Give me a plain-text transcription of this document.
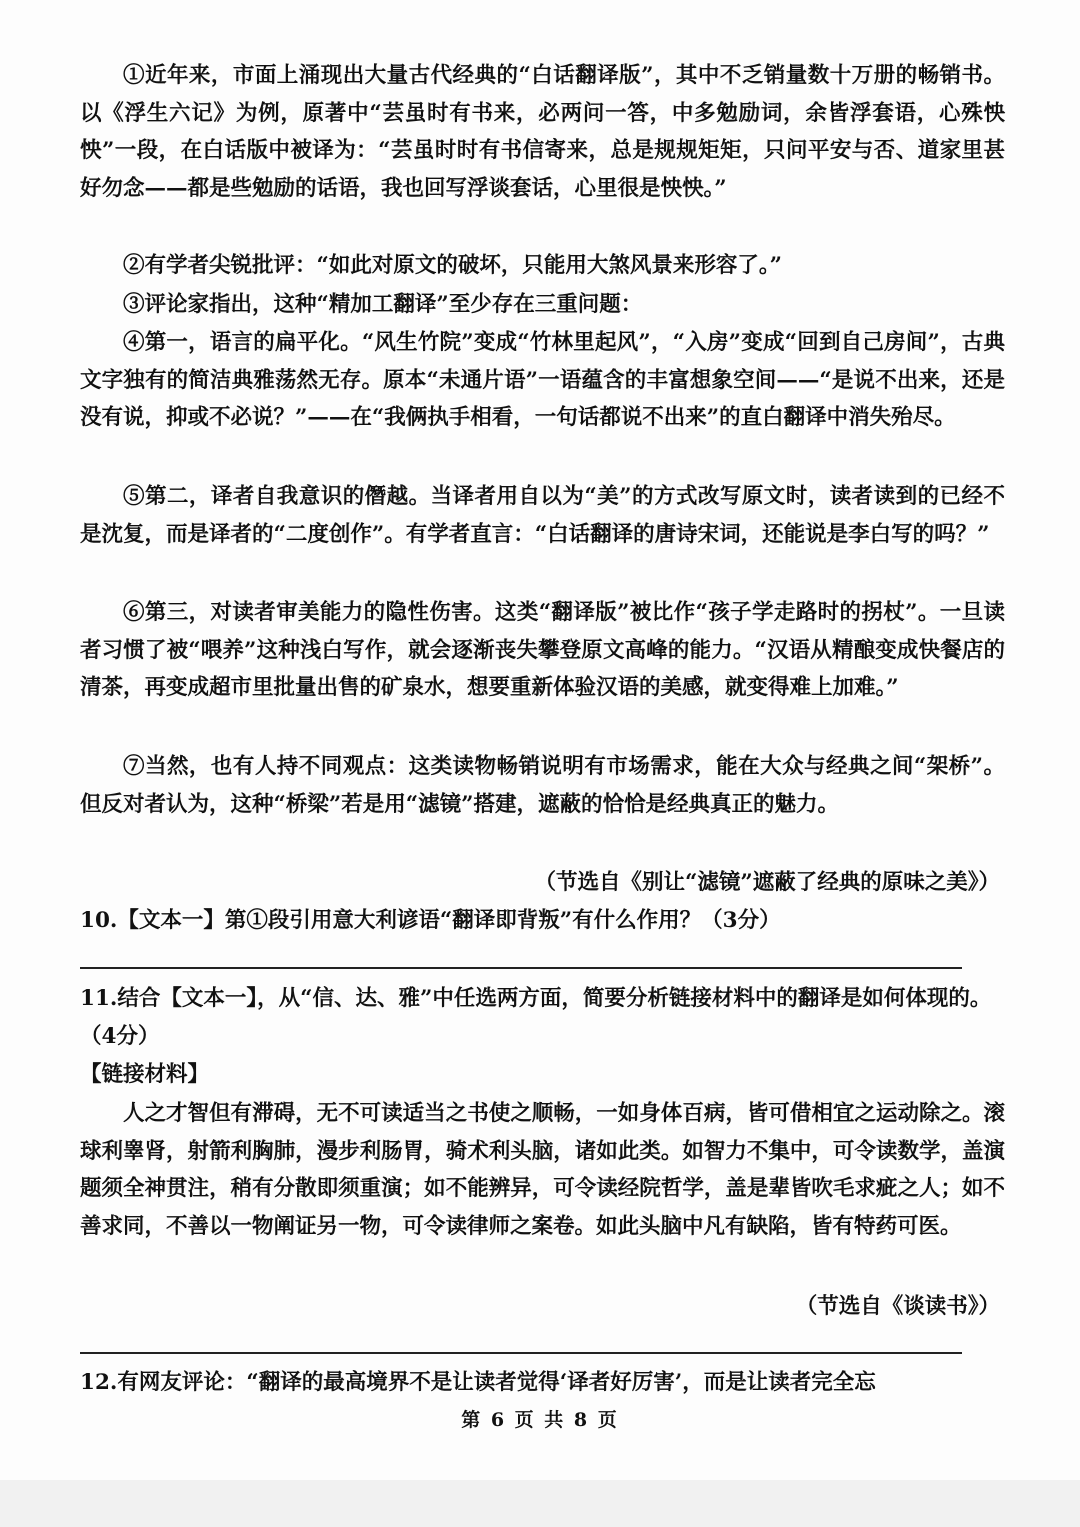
①近年来，市面上涌现出大量古代经典的“白话翻译版”，其中不乏销量数十万册的畅销书。以《浮生六记》为例，原著中“芸虽时有书来，必两问一答，中多勉励词，余皆浮套语，心殊怏怏”一段，在白话版中被译为：“芸虽时时有书信寄来，总是规规矩矩，只问平安与否、道家里甚好勿念——都是些勉励的话语，我也回写浮谈套话，心里很是怏怏。”

②有学者尖锐批评：“如此对原文的破坏，只能用大煞风景来形容了。”

③评论家指出，这种“精加工翻译”至少存在三重问题：

④第一，语言的扁平化。“风生竹院”变成“竹林里起风”，“入房”变成“回到自己房间”，古典文字独有的简洁典雅荡然无存。原本“未通片语”一语蕴含的丰富想象空间——“是说不出来，还是没有说，抑或不必说？”——在“我俩执手相看，一句话都说不出来”的直白翻译中消失殆尽。

⑤第二，译者自我意识的僭越。当译者用自以为“美”的方式改写原文时，读者读到的已经不是沈复，而是译者的“二度创作”。有学者直言：“白话翻译的唐诗宋词，还能说是李白写的吗？”

⑥第三，对读者审美能力的隐性伤害。这类“翻译版”被比作“孩子学走路时的拐杖”。一旦读者习惯了被“喂养”这种浅白写作，就会逐渐丧失攀登原文高峰的能力。“汉语从精酿变成快餐店的清茶，再变成超市里批量出售的矿泉水，想要重新体验汉语的美感，就变得难上加难。”

⑦当然，也有人持不同观点：这类读物畅销说明有市场需求，能在大众与经典之间“架桥”。但反对者认为，这种“桥梁”若是用“滤镜”搭建，遮蔽的恰恰是经典真正的魅力。

（节选自《别让“滤镜”遮蔽了经典的原味之美》）

10.【文本一】第①段引用意大利谚语“翻译即背叛”有什么作用？（3分）

11.结合【文本一】，从“信、达、雅”中任选两方面，简要分析链接材料中的翻译是如何体现的。（4分）

【链接材料】

人之才智但有滞碍，无不可读适当之书使之顺畅，一如身体百病，皆可借相宜之运动除之。滚球利睾肾，射箭利胸肺，漫步利肠胃，骑术利头脑，诸如此类。如智力不集中，可令读数学，盖演题须全神贯注，稍有分散即须重演；如不能辨异，可令读经院哲学，盖是辈皆吹毛求疵之人；如不善求同，不善以一物阐证另一物，可令读律师之案卷。如此头脑中凡有缺陷，皆有特药可医。

（节选自《谈读书》）

12.有网友评论：“翻译的最高境界不是让读者觉得‘译者好厉害’，而是让读者完全忘

第 6 页 共 8 页
